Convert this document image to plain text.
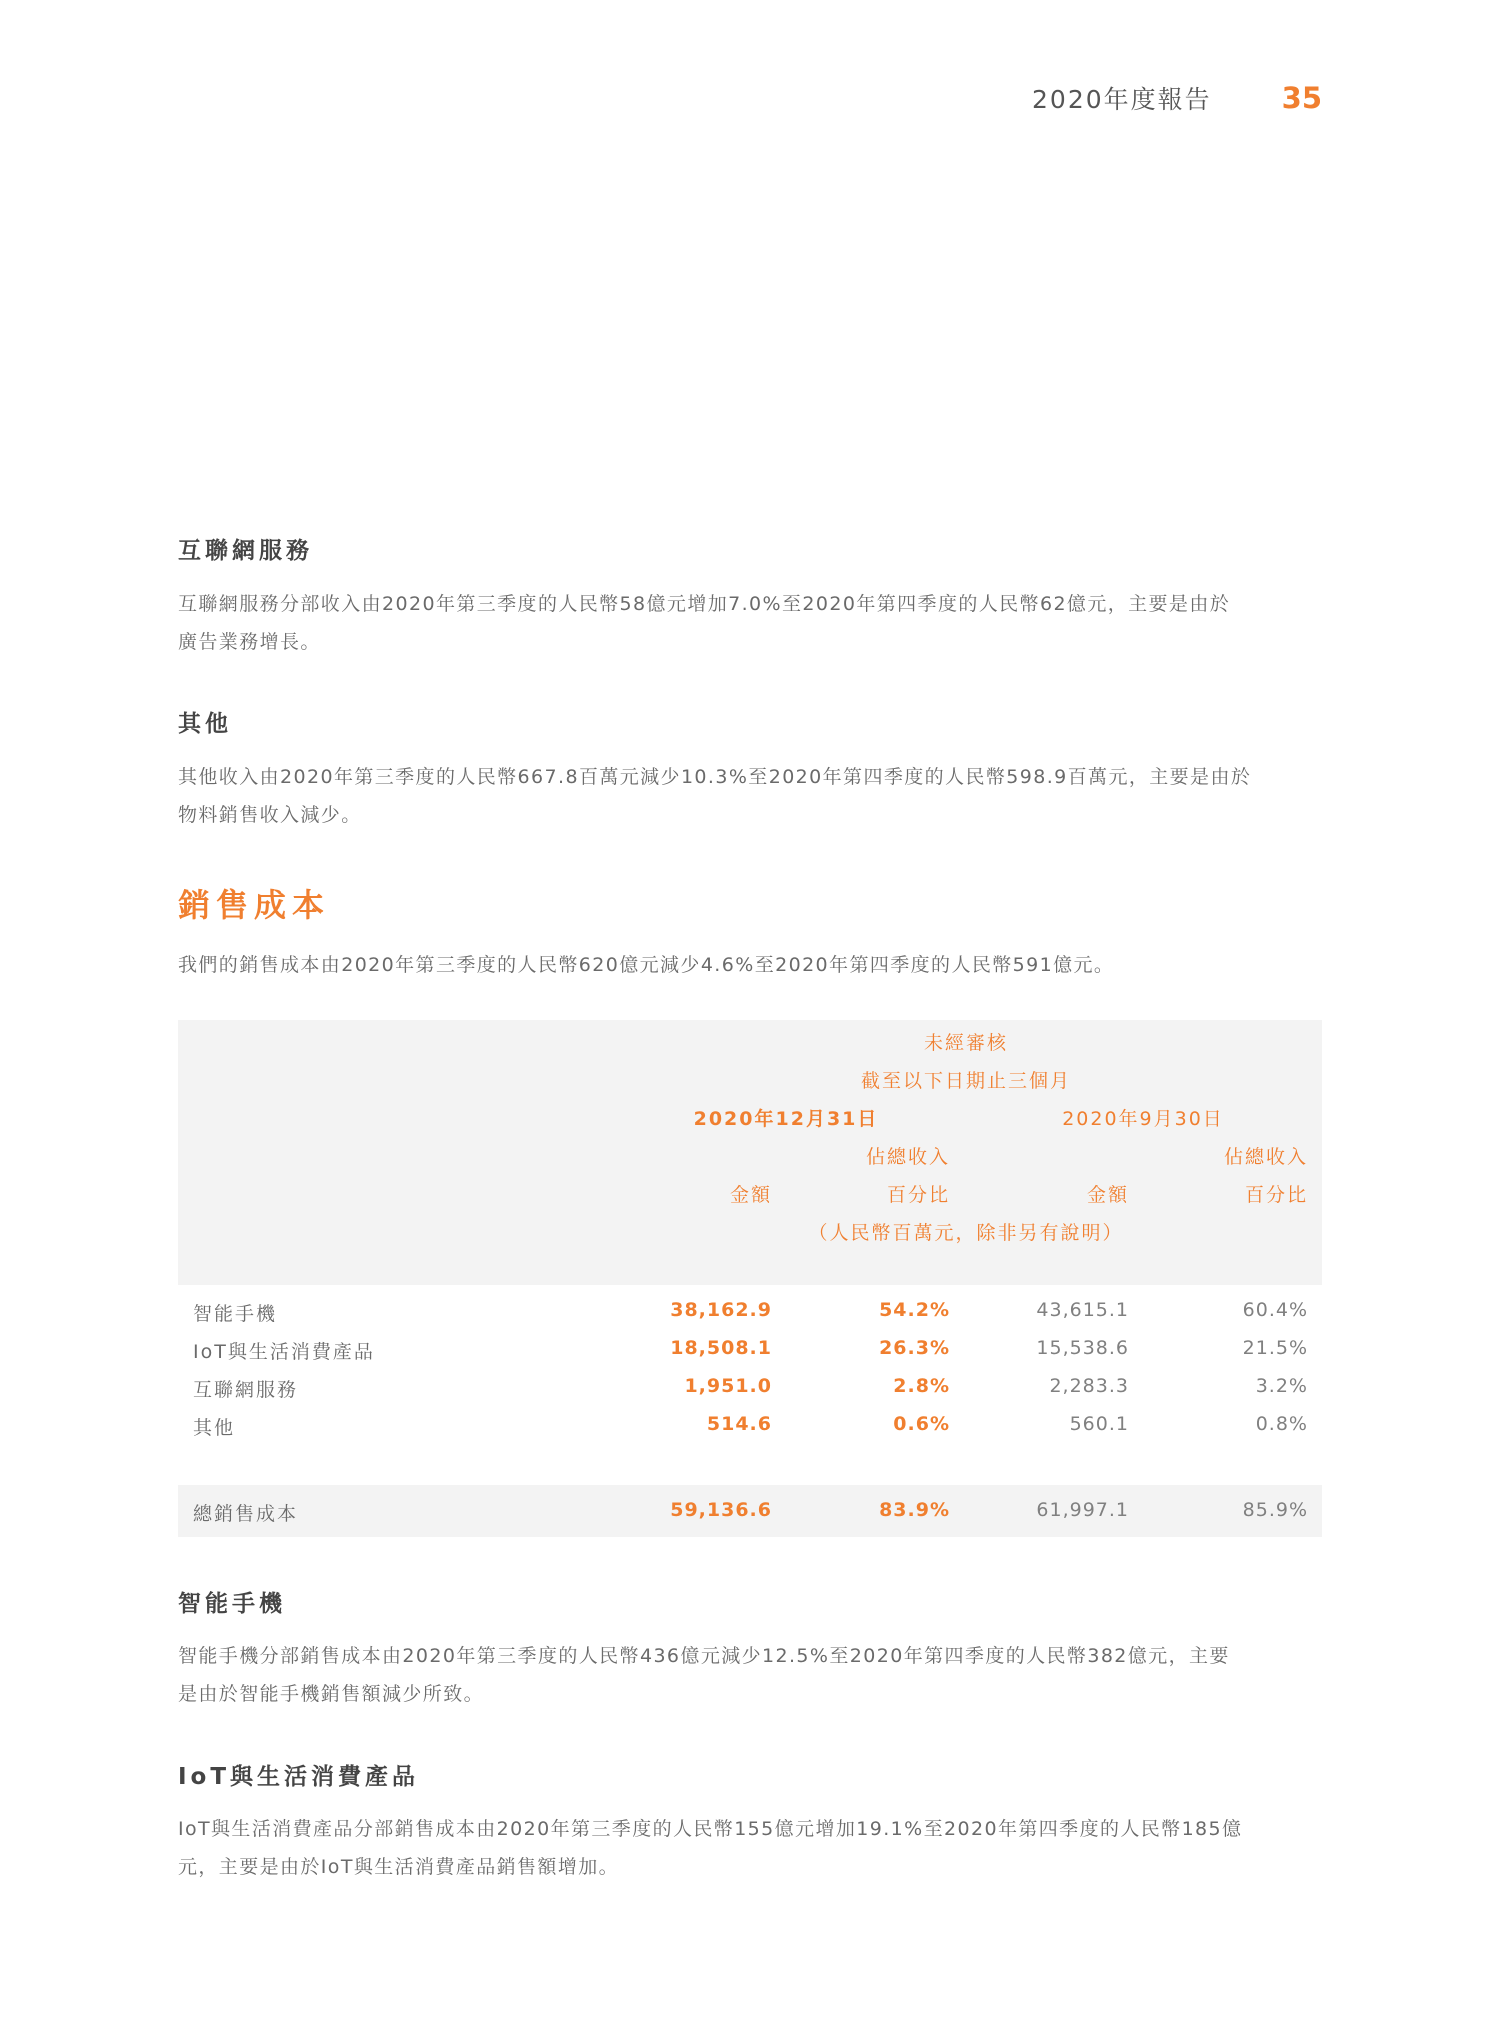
2020年度報告 35
互聯網服務
互聯網服務分部收入由2020年第三季度的人民幣58億元增加7.0%至2020年第四季度的人民幣62億元，主要是由於
廣告業務增長。
其他
其他收入由2020年第三季度的人民幣667.8百萬元減少10.3%至2020年第四季度的人民幣598.9百萬元，主要是由於
物料銷售收入減少。
銷售成本
我們的銷售成本由2020年第三季度的人民幣620億元減少4.6%至2020年第四季度的人民幣591億元。
智能手機
智能手機分部銷售成本由2020年第三季度的人民幣436億元減少12.5%至2020年第四季度的人民幣382億元，主要
是由於智能手機銷售額減少所致。
IoT與生活消費產品
IoT與生活消費產品分部銷售成本由2020年第三季度的人民幣155億元增加19.1%至2020年第四季度的人民幣185億
元，主要是由於IoT與生活消費產品銷售額增加。
未經審核
截至以下日期止三個月
2020年12月31日	2020年9月30日
佔總收入	佔總收入
金額	百分比	金額	百分比
（人民幣百萬元，除非另有說明）
智能手機	38,162.9	54.2%	43,615.1	60.4%
IoT與生活消費產品	18,508.1	26.3%	15,538.6	21.5%
互聯網服務	1,951.0	2.8%	2,283.3	3.2%
其他	514.6	0.6%	560.1	0.8%
總銷售成本	59,136.6	83.9%	61,997.1	85.9%
